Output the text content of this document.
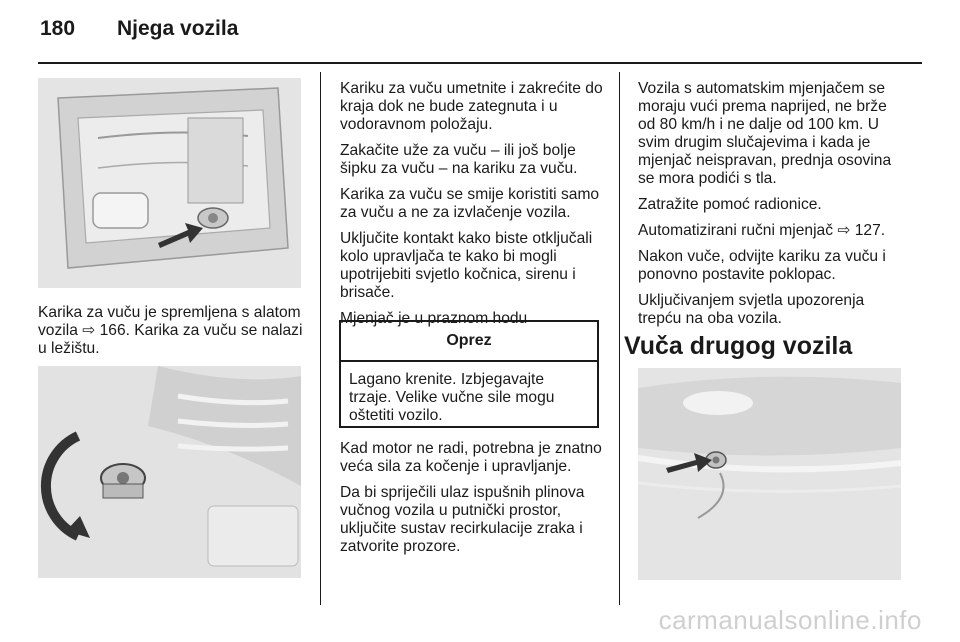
180 Njega vozila

Karika za vuču je spremljena s alatom vozila ⇨ 166. Karika za vuču se nalazi u ležištu.

Kariku za vuču umetnite i zakrećite do kraja dok ne bude zategnuta i u vodoravnom položaju.

Zakačite uže za vuču – ili još bolje šipku za vuču – na kariku za vuču.

Karika za vuču se smije koristiti samo za vuču a ne za izvlačenje vozila.

Uključite kontakt kako biste otključali kolo upravljača te kako bi mogli upotrijebiti svjetlo kočnica, sirenu i brisače.

Mjenjač je u praznom hodu

Oprez
Lagano krenite. Izbjegavajte trzaje. Velike vučne sile mogu oštetiti vozilo.

Kad motor ne radi, potrebna je znatno veća sila za kočenje i upravljanje.

Da bi spriječili ulaz ispušnih plinova vučnog vozila u putnički prostor, uključite sustav recirkulacije zraka i zatvorite prozore.

Vozila s automatskim mjenjačem se moraju vući prema naprijed, ne brže od 80 km/h i ne dalje od 100 km. U svim drugim slučajevima i kada je mjenjač neispravan, prednja osovina se mora podići s tla.

Zatražite pomoć radionice.

Automatizirani ručni mjenjač ⇨ 127.

Nakon vuče, odvijte kariku za vuču i ponovno postavite poklopac.

Uključivanjem svjetla upozorenja trepću na oba vozila.

Vuča drugog vozila
carmanualsonline.info
